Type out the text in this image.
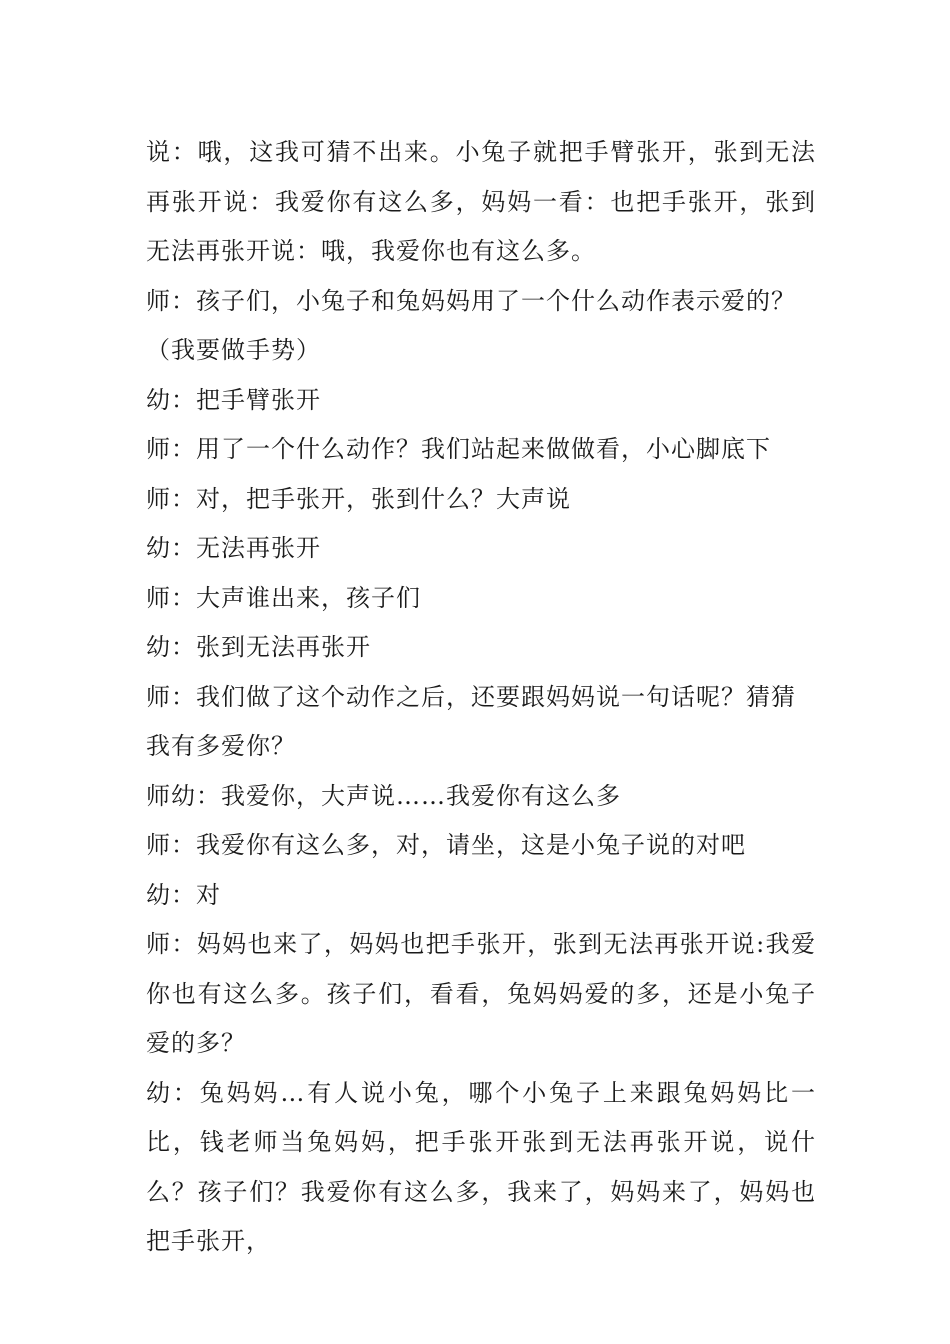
说：哦，这我可猜不出来。小兔子就把手臂张开，张到无法再张开说：我爱你有这么多，妈妈一看：也把手张开，张到无法再张开说：哦，我爱你也有这么多。

师：孩子们，小兔子和兔妈妈用了一个什么动作表示爱的？（我要做手势）

幼：把手臂张开

师：用了一个什么动作？我们站起来做做看，小心脚底下

师：对，把手张开，张到什么？大声说

幼：无法再张开

师：大声谁出来，孩子们

幼：张到无法再张开

师：我们做了这个动作之后，还要跟妈妈说一句话呢？猜猜我有多爱你？

师幼：我爱你，大声说……我爱你有这么多

师：我爱你有这么多，对，请坐，这是小兔子说的对吧

幼：对

师：妈妈也来了，妈妈也把手张开，张到无法再张开说:我爱你也有这么多。孩子们，看看，兔妈妈爱的多，还是小兔子爱的多？

幼：兔妈妈…有人说小兔，哪个小兔子上来跟兔妈妈比一比，钱老师当兔妈妈，把手张开张到无法再张开说，说什么？孩子们？我爱你有这么多，我来了，妈妈来了，妈妈也把手张开，
